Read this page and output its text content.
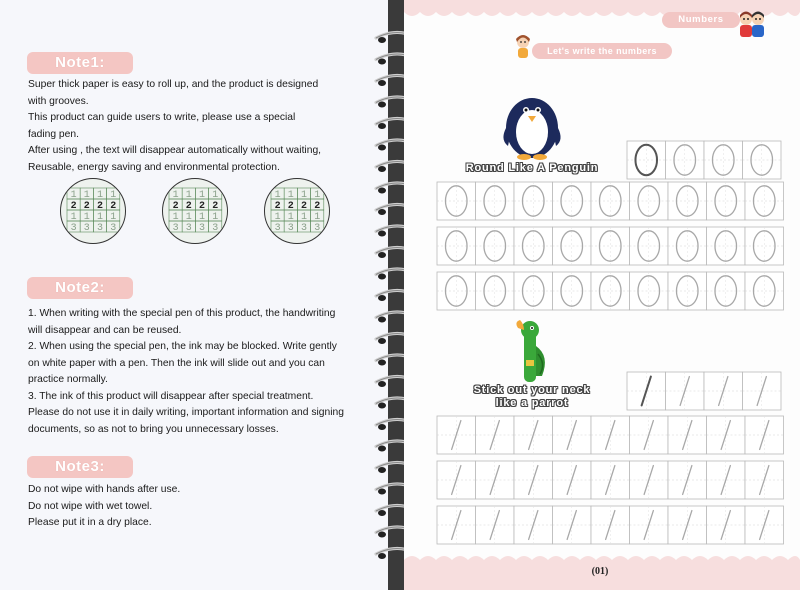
Note1:

Super thick paper is easy to roll up, and the product is designed

with grooves.

This product can guide users to write, please use a special

fading pen.

After using , the text will disappear automatically without waiting,

Reusable, energy saving and environmental protection.

1 1 1 1
2 2 2 2
1 1 1 1
3 3 3 3
1 1 1 1
2 2 2 2
1 1 1 1
3 3 3 3
1 1 1 1
2 2 2 2
1 1 1 1
3 3 3 3
Note2:

1. When writing with the special pen of this product, the handwriting

will disappear and can be reused.

2. When using the special pen, the ink may be blocked. Write gently

on white paper with a pen. Then the ink will slide out and you can

practice normally.

3. The ink of this product will disappear after special treatment.

Please do not use it in daily writing, important information and signing

documents, so as not to bring you unnecessary losses.

Note3:

Do not wipe with hands after use.

Do not wipe with wet towel.

Please put it in a dry place.

Numbers
Let's write the numbers
Round Like A Penguin
Stick out your neck
like a parrot
(01)
